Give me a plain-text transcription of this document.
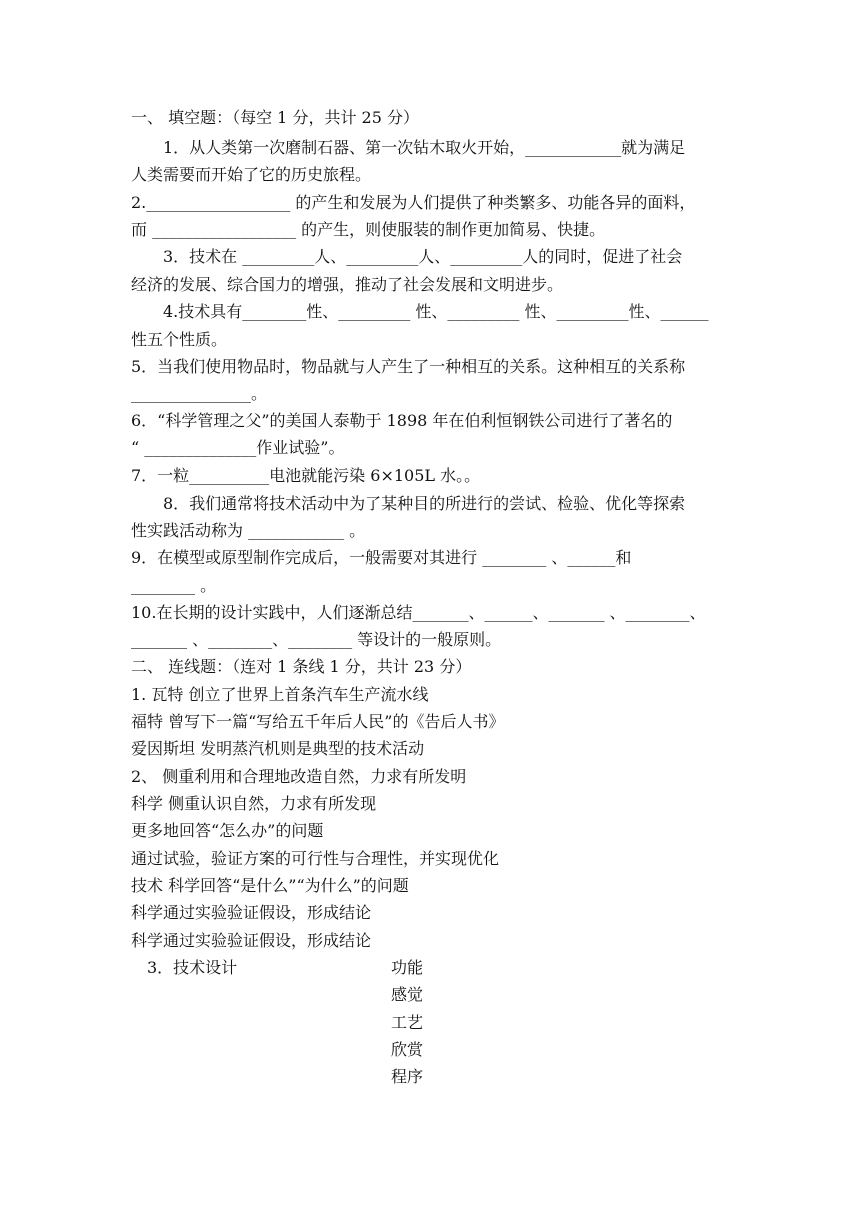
一、 填空题：（每空 1 分，共计 25 分）
1．从人类第一次磨制石器、第一次钻木取火开始，____________就为满足
人类需要而开始了它的历史旅程。
2.__________________ 的产生和发展为人们提供了种类繁多、功能各异的面料，
而 __________________ 的产生，则使服装的制作更加简易、快捷。
3．技术在 _________人、_________人、_________人的同时，促进了社会
经济的发展、综合国力的增强，推动了社会发展和文明进步。
4.技术具有________性、_________ 性、_________ 性、_________性、______
性五个性质。
5．当我们使用物品时，物品就与人产生了一种相互的关系。这种相互的关系称
_______________。
6．“科学管理之父”的美国人泰勒于 1898 年在伯利恒钢铁公司进行了著名的
“ ______________作业试验”。
7．一粒__________电池就能污染 6×105L 水。。
8．我们通常将技术活动中为了某种目的所进行的尝试、检验、优化等探索
性实践活动称为 ____________ 。
9．在模型或原型制作完成后，一般需要对其进行 ________ 、______和
________ 。
10.在长期的设计实践中，人们逐渐总结_______、______、_______ 、________、
_______ 、________、________ 等设计的一般原则。
二、 连线题：（连对 1 条线 1 分，共计 23 分）
1. 瓦特 创立了世界上首条汽车生产流水线
福特 曾写下一篇“写给五千年后人民”的《告后人书》
爱因斯坦 发明蒸汽机则是典型的技术活动
2、 侧重利用和合理地改造自然，力求有所发明
科学 侧重认识自然，力求有所发现
更多地回答“怎么办”的问题
通过试验，验证方案的可行性与合理性，并实现优化
技术 科学回答“是什么”“为什么”的问题
科学通过实验验证假设，形成结论
科学通过实验验证假设，形成结论
3．技术设计	功能
感觉
工艺
欣赏
程序
